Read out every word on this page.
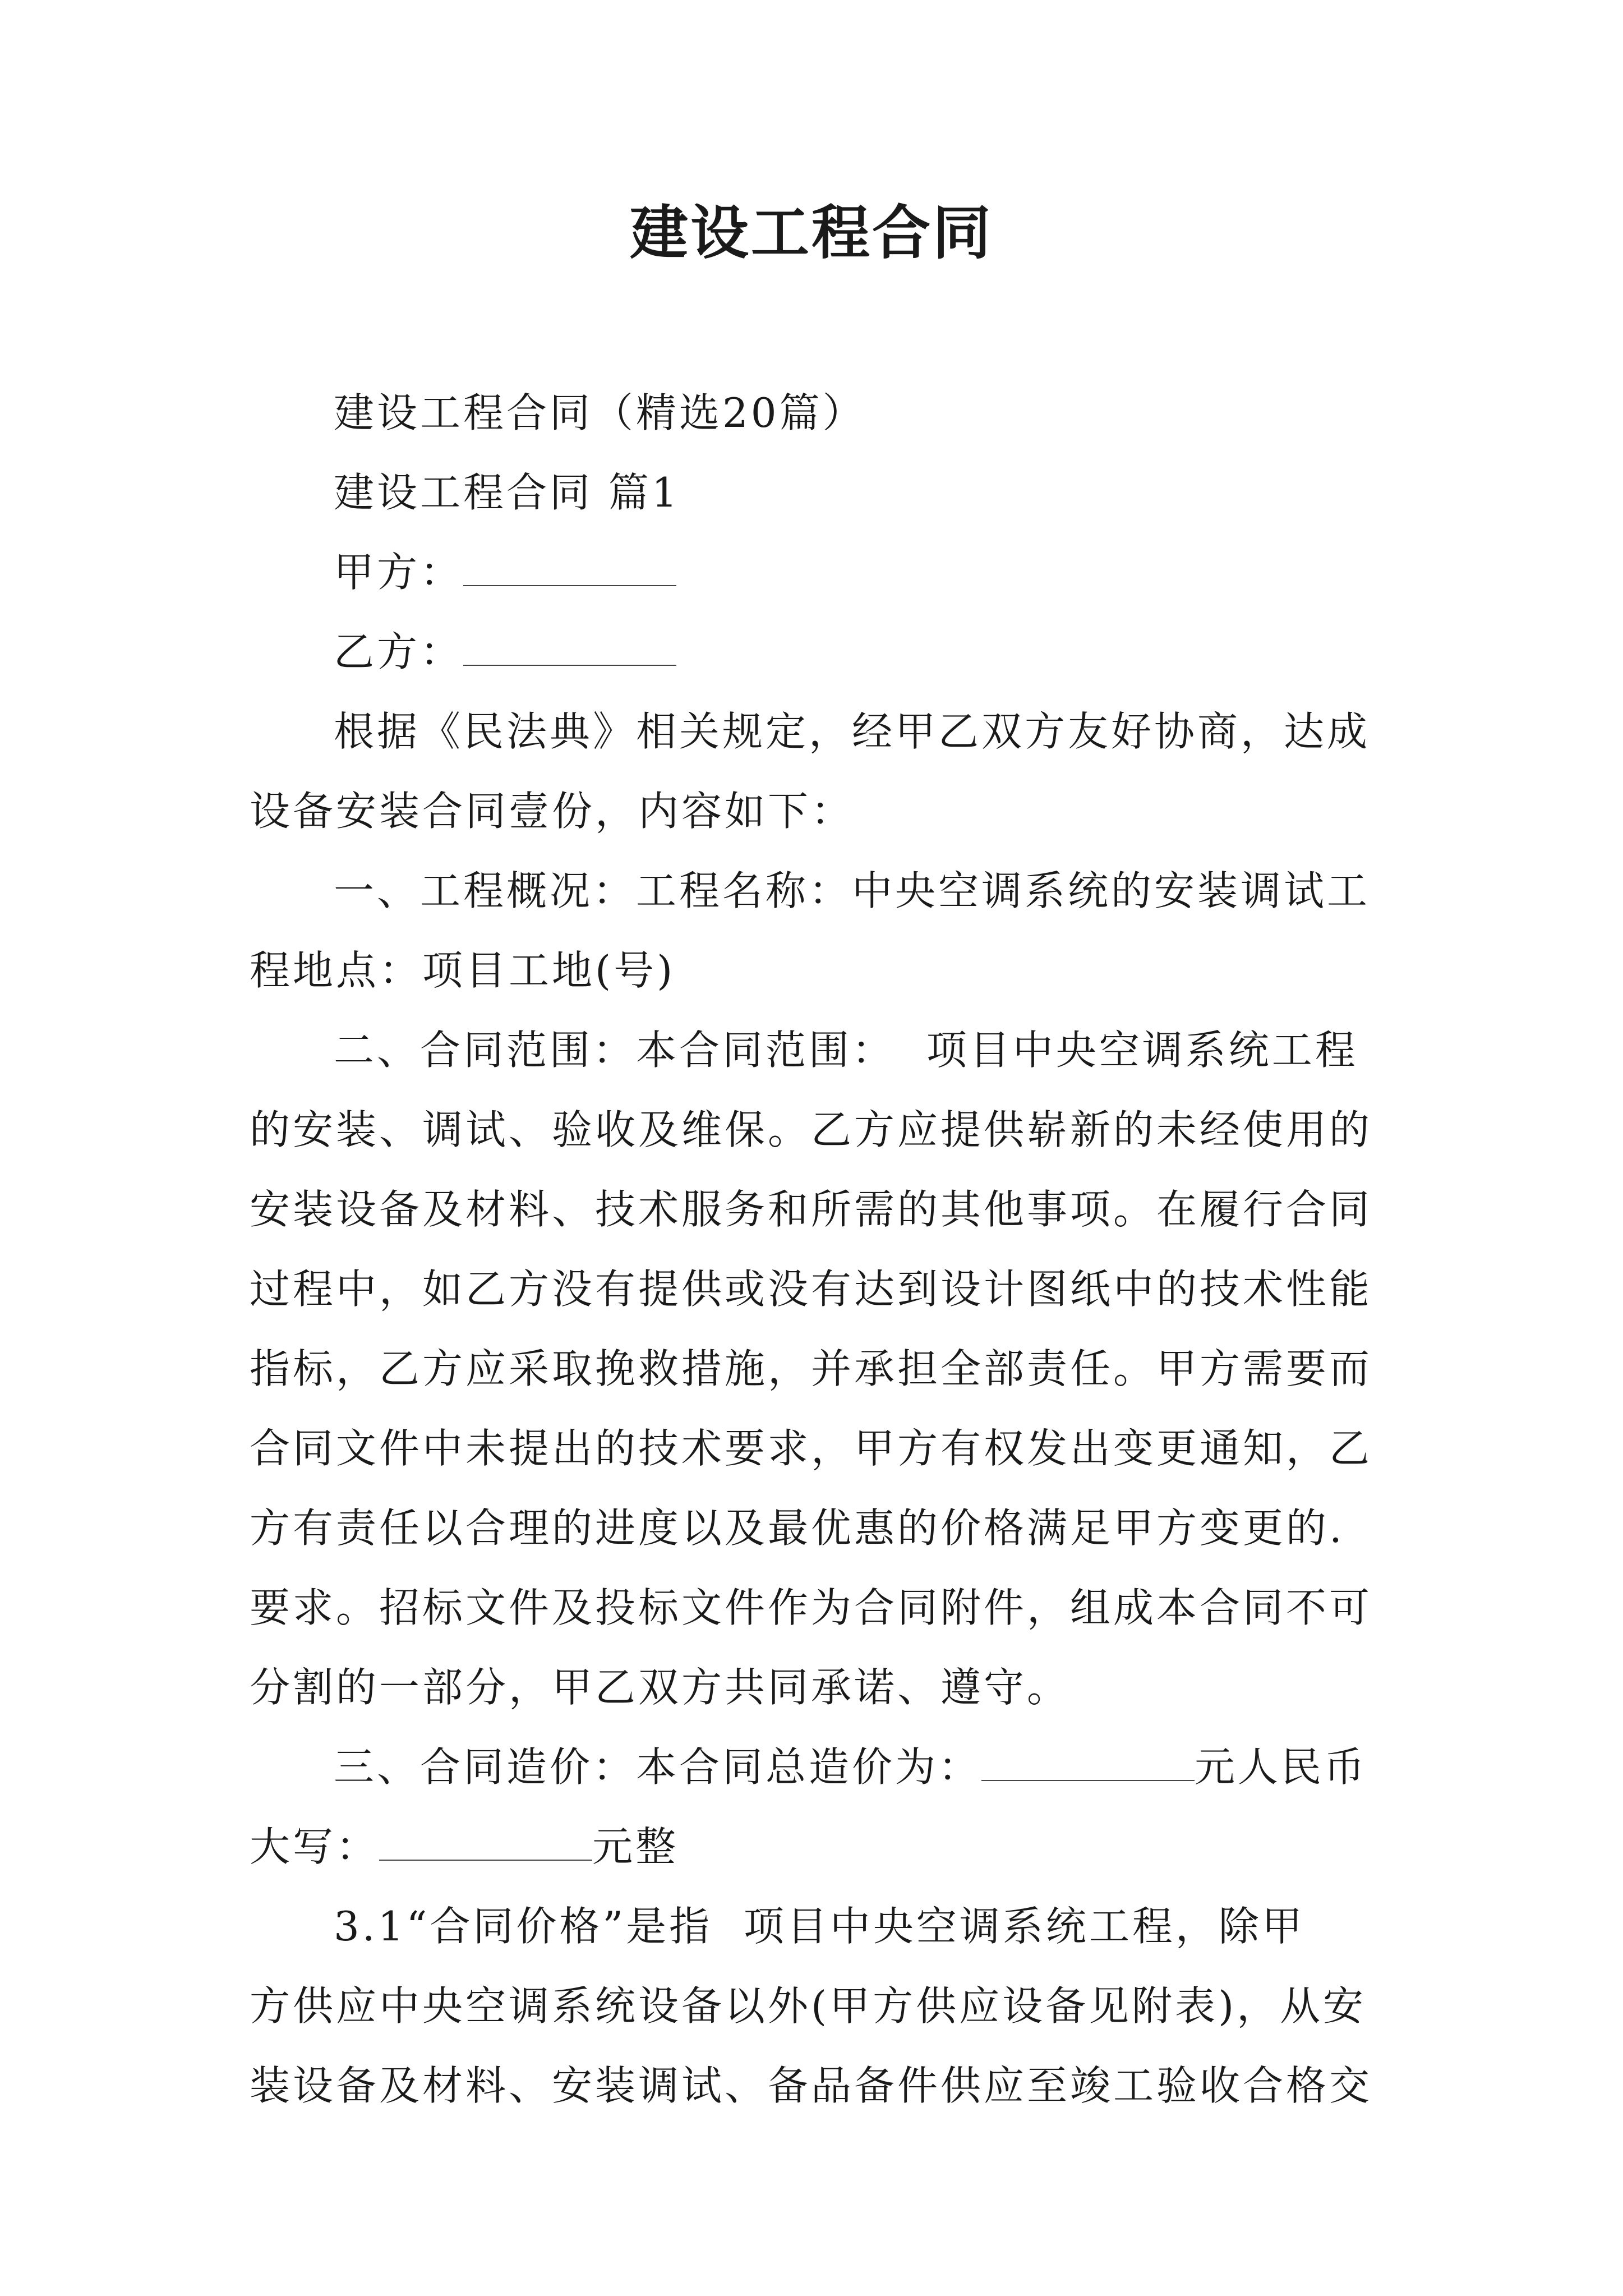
建设工程合同
建设工程合同（精选20篇）
建设工程合同 篇1
甲方：
乙方：
根据《民法典》相关规定，经甲乙双方友好协商，达成
设备安装合同壹份，内容如下：
一、工程概况：工程名称：中央空调系统的安装调试工
程地点：项目工地(号)
二、合同范围：本合同范围：  项目中央空调系统工程
的安装、调试、验收及维保。乙方应提供崭新的未经使用的
安装设备及材料、技术服务和所需的其他事项。在履行合同
过程中，如乙方没有提供或没有达到设计图纸中的技术性能
指标，乙方应采取挽救措施，并承担全部责任。甲方需要而
合同文件中未提出的技术要求，甲方有权发出变更通知，乙
方有责任以合理的进度以及最优惠的价格满足甲方变更的.
要求。招标文件及投标文件作为合同附件，组成本合同不可
分割的一部分，甲乙双方共同承诺、遵守。
三、合同造价：本合同总造价为：	元人民币
大写：	元整
3.1“合同价格”是指  项目中央空调系统工程，除甲
方供应中央空调系统设备以外(甲方供应设备见附表)，从安
装设备及材料、安装调试、备品备件供应至竣工验收合格交
